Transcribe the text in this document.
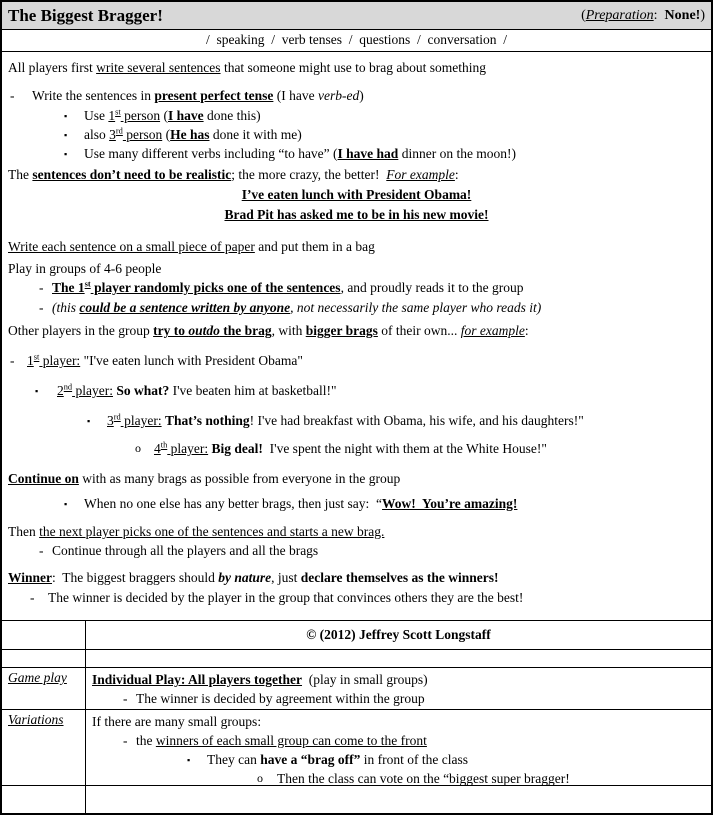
The Biggest Bragger!	(Preparation:  None!)
/  speaking  /  verb tenses  /  questions  /  conversation  /
All players first write several sentences that someone might use to brag about something
- Write the sentences in present perfect tense (I have verb-ed)
▪ Use 1st person (I have done this)
▪ also 3rd person (He has done it with me)
▪ Use many different verbs including “to have” (I have had dinner on the moon!)
The sentences don’t need to be realistic; the more crazy, the better!  For example:
I’ve eaten lunch with President Obama!
Brad Pit has asked me to be in his new movie!
Write each sentence on a small piece of paper and put them in a bag
Play in groups of 4-6 people
- The 1st player randomly picks one of the sentences, and proudly reads it to the group
- (this could be a sentence written by anyone, not necessarily the same player who reads it)
Other players in the group try to outdo the brag, with bigger brags of their own... for example:
- 1st player: "I've eaten lunch with President Obama"
▪ 2nd player: So what? I've beaten him at basketball!"
▪ 3rd player: That’s nothing! I've had breakfast with Obama, his wife, and his daughters!"
o 4th player: Big deal!  I've spent the night with them at the White House!"
Continue on with as many brags as possible from everyone in the group
▪ When no one else has any better brags, then just say:  “Wow!  You’re amazing!
Then the next player picks one of the sentences and starts a new brag.
- Continue through all the players and all the brags
Winner:  The biggest braggers should by nature, just declare themselves as the winners!
- The winner is decided by the player in the group that convinces others they are the best!
© (2012) Jeffrey Scott Longstaff
Game play	Individual Play: All players together  (play in small groups)
- The winner is decided by agreement within the group
Variations	If there are many small groups:
- the winners of each small group can come to the front
▪ They can have a “brag off” in front of the class
o Then the class can vote on the “biggest super bragger!
